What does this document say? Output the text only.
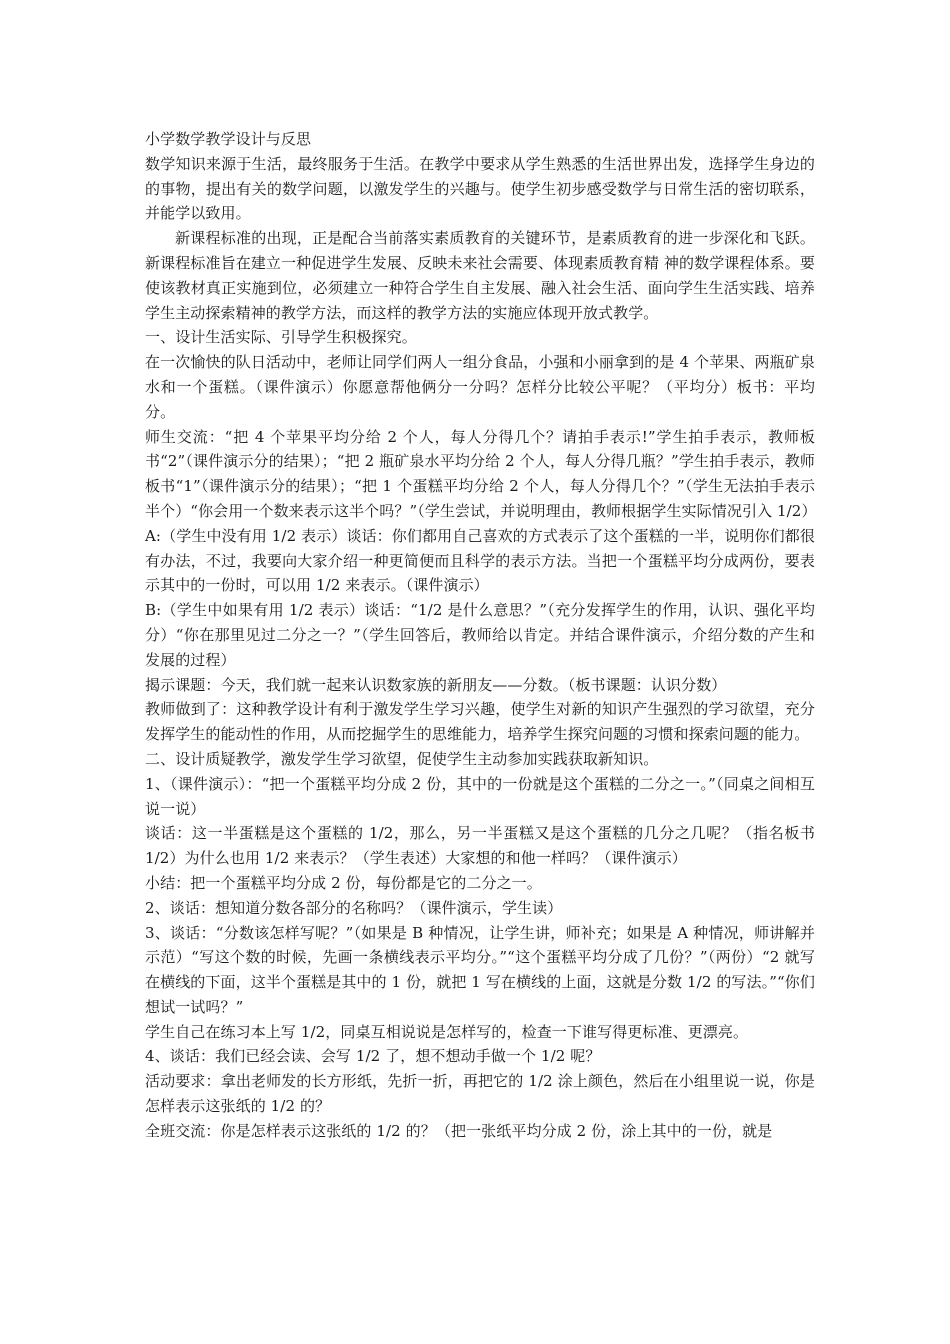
小学数学教学设计与反思

数学知识来源于生活，最终服务于生活。在教学中要求从学生熟悉的生活世界出发，选择学生身边的的事物，提出有关的数学问题，以激发学生的兴趣与。使学生初步感受数学与日常生活的密切联系，并能学以致用。

新课程标准的出现，正是配合当前落实素质教育的关键环节，是素质教育的进一步深化和飞跃。新课程标准旨在建立一种促进学生发展、反映未来社会需要、体现素质教育精 神的数学课程体系。要使该教材真正实施到位，必须建立一种符合学生自主发展、融入社会生活、面向学生生活实践、培养学生主动探索精神的教学方法，而这样的教学方法的实施应体现开放式教学。

一、设计生活实际、引导学生积极探究。

在一次愉快的队日活动中，老师让同学们两人一组分食品，小强和小丽拿到的是 4 个苹果、两瓶矿泉水和一个蛋糕。（课件演示）你愿意帮他俩分一分吗？怎样分比较公平呢？（平均分）板书：平均分。

师生交流：“把 4 个苹果平均分给 2 个人，每人分得几个？请拍手表示!”学生拍手表示，教师板书“2”（课件演示分的结果）；“把 2 瓶矿泉水平均分给 2 个人，每人分得几瓶？”学生拍手表示，教师板书“1”（课件演示分的结果）；“把 1 个蛋糕平均分给 2 个人，每人分得几个？”（学生无法拍手表示半个）“你会用一个数来表示这半个吗？”（学生尝试，并说明理由，教师根据学生实际情况引入 1/2）

A:（学生中没有用 1/2 表示）谈话：你们都用自己喜欢的方式表示了这个蛋糕的一半，说明你们都很有办法，不过，我要向大家介绍一种更简便而且科学的表示方法。当把一个蛋糕平均分成两份，要表示其中的一份时，可以用 1/2 来表示。（课件演示）

B:（学生中如果有用 1/2 表示）谈话：“1/2 是什么意思？”（充分发挥学生的作用，认识、强化平均分）“你在那里见过二分之一？”（学生回答后，教师给以肯定。并结合课件演示，介绍分数的产生和发展的过程）

揭示课题：今天，我们就一起来认识数家族的新朋友——分数。（板书课题：认识分数）

教师做到了：这种教学设计有利于激发学生学习兴趣，使学生对新的知识产生强烈的学习欲望，充分发挥学生的能动性的作用，从而挖掘学生的思维能力，培养学生探究问题的习惯和探索问题的能力。

二、设计质疑教学，激发学生学习欲望，促使学生主动参加实践获取新知识。

1、（课件演示）：“把一个蛋糕平均分成 2 份，其中的一份就是这个蛋糕的二分之一。”（同桌之间相互说一说）

谈话：这一半蛋糕是这个蛋糕的 1/2，那么，另一半蛋糕又是这个蛋糕的几分之几呢？（指名板书 1/2）为什么也用 1/2 来表示？（学生表述）大家想的和他一样吗？（课件演示）

小结：把一个蛋糕平均分成 2 份，每份都是它的二分之一。

2、谈话：想知道分数各部分的名称吗？（课件演示，学生读）

3、谈话：“分数该怎样写呢？”（如果是 B 种情况，让学生讲，师补充；如果是 A 种情况，师讲解并示范）“写这个数的时候，先画一条横线表示平均分。”“这个蛋糕平均分成了几份？”（两份）“2 就写在横线的下面，这半个蛋糕是其中的 1 份，就把 1 写在横线的上面，这就是分数 1/2 的写法。”“你们想试一试吗？”

学生自己在练习本上写 1/2，同桌互相说说是怎样写的，检查一下谁写得更标准、更漂亮。

4、谈话：我们已经会读、会写 1/2 了，想不想动手做一个 1/2 呢？

活动要求：拿出老师发的长方形纸，先折一折，再把它的 1/2 涂上颜色，然后在小组里说一说，你是怎样表示这张纸的 1/2 的？

全班交流：你是怎样表示这张纸的 1/2 的？（把一张纸平均分成 2 份，涂上其中的一份，就是
